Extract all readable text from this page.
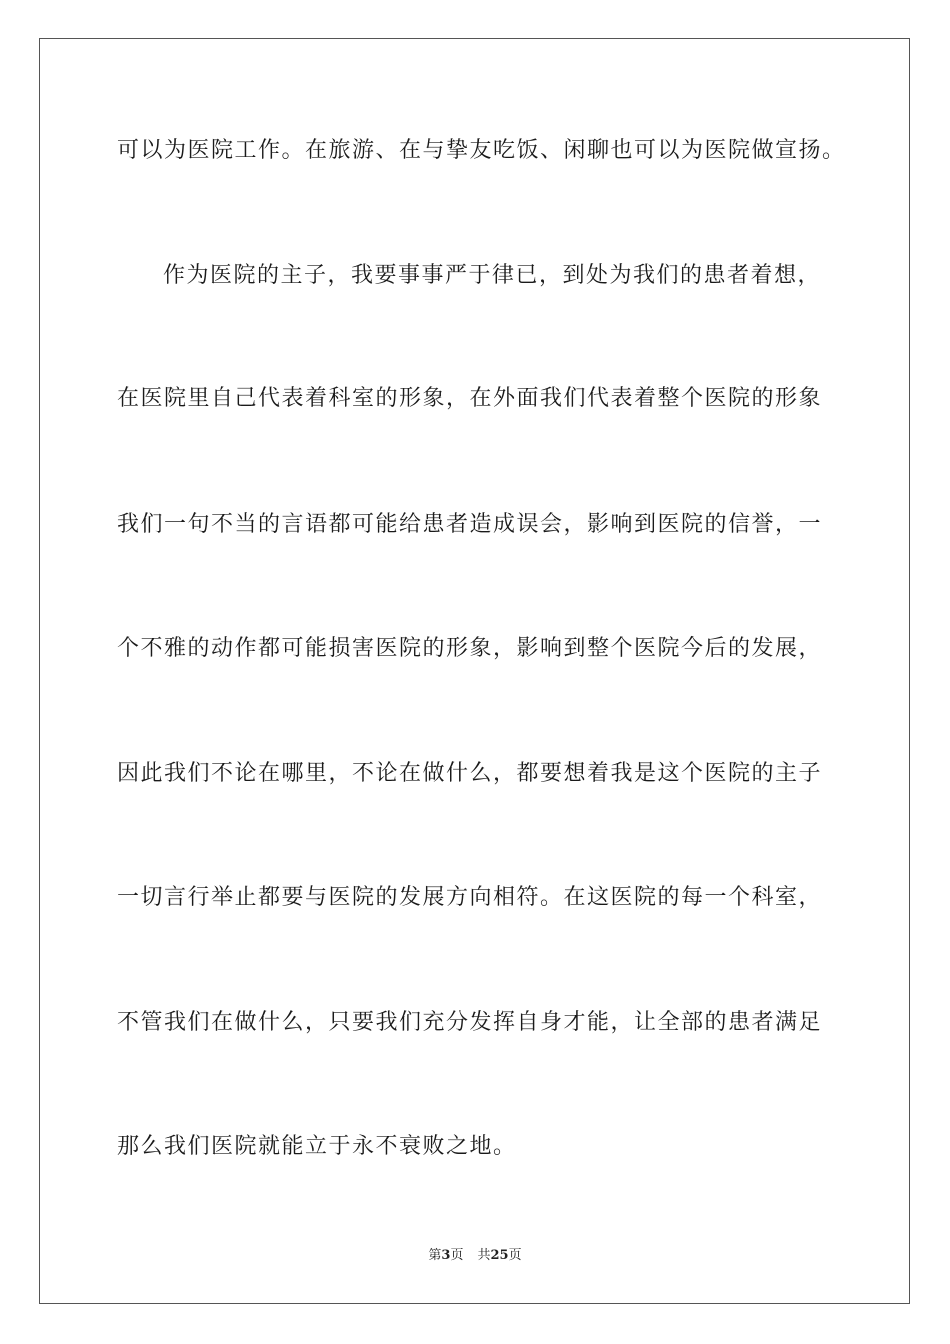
可以为医院工作。在旅游、在与挚友吃饭、闲聊也可以为医院做宣扬。
作为医院的主子，我要事事严于律已，到处为我们的患者着想，
在医院里自己代表着科室的形象，在外面我们代表着整个医院的形象
我们一句不当的言语都可能给患者造成误会，影响到医院的信誉，一
个不雅的动作都可能损害医院的形象，影响到整个医院今后的发展，
因此我们不论在哪里，不论在做什么，都要想着我是这个医院的主子
一切言行举止都要与医院的发展方向相符。在这医院的每一个科室，
不管我们在做什么，只要我们充分发挥自身才能，让全部的患者满足
那么我们医院就能立于永不衰败之地。
第3页 共25页
